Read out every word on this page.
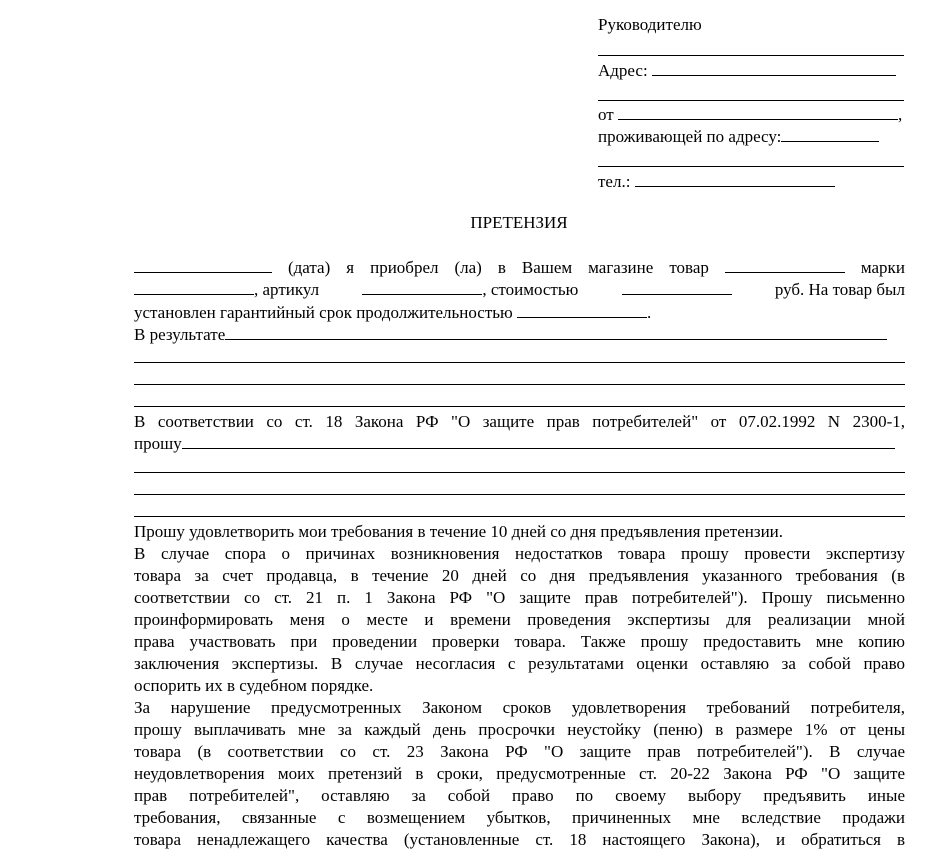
Руководителю
Адрес:
от	,
проживающей по адресу:
тел.:
ПРЕТЕНЗИЯ
(дата) я приобрел (ла) в Вашем магазине товар	марки
, артикул	, стоимостью	руб. На товар был
установлен гарантийный срок продолжительностью	.
В результате
В соответствии со ст. 18 Закона РФ "О защите прав потребителей" от 07.02.1992 N 2300-1,
прошу
Прошу удовлетворить мои требования в течение 10 дней со дня предъявления претензии.
В случае спора о причинах возникновения недостатков товара прошу провести экспертизу
товара за счет продавца, в течение 20 дней со дня предъявления указанного требования (в
соответствии со ст. 21 п. 1 Закона РФ "О защите прав потребителей"). Прошу письменно
проинформировать меня о месте и времени проведения экспертизы для реализации мной
права участвовать при проведении проверки товара. Также прошу предоставить мне копию
заключения экспертизы. В случае несогласия с результатами оценки оставляю за собой право
оспорить их в судебном порядке.
За нарушение предусмотренных Законом сроков удовлетворения требований потребителя,
прошу выплачивать мне за каждый день просрочки неустойку (пеню) в размере 1% от цены
товара (в соответствии со ст. 23 Закона РФ "О защите прав потребителей"). В случае
неудовлетворения моих претензий в сроки, предусмотренные ст. 20-22 Закона РФ "О защите
прав потребителей", оставляю за собой право по своему выбору предъявить иные
требования, связанные с возмещением убытков, причиненных мне вследствие продажи
товара ненадлежащего качества (установленные ст. 18 настоящего Закона), и обратиться в
